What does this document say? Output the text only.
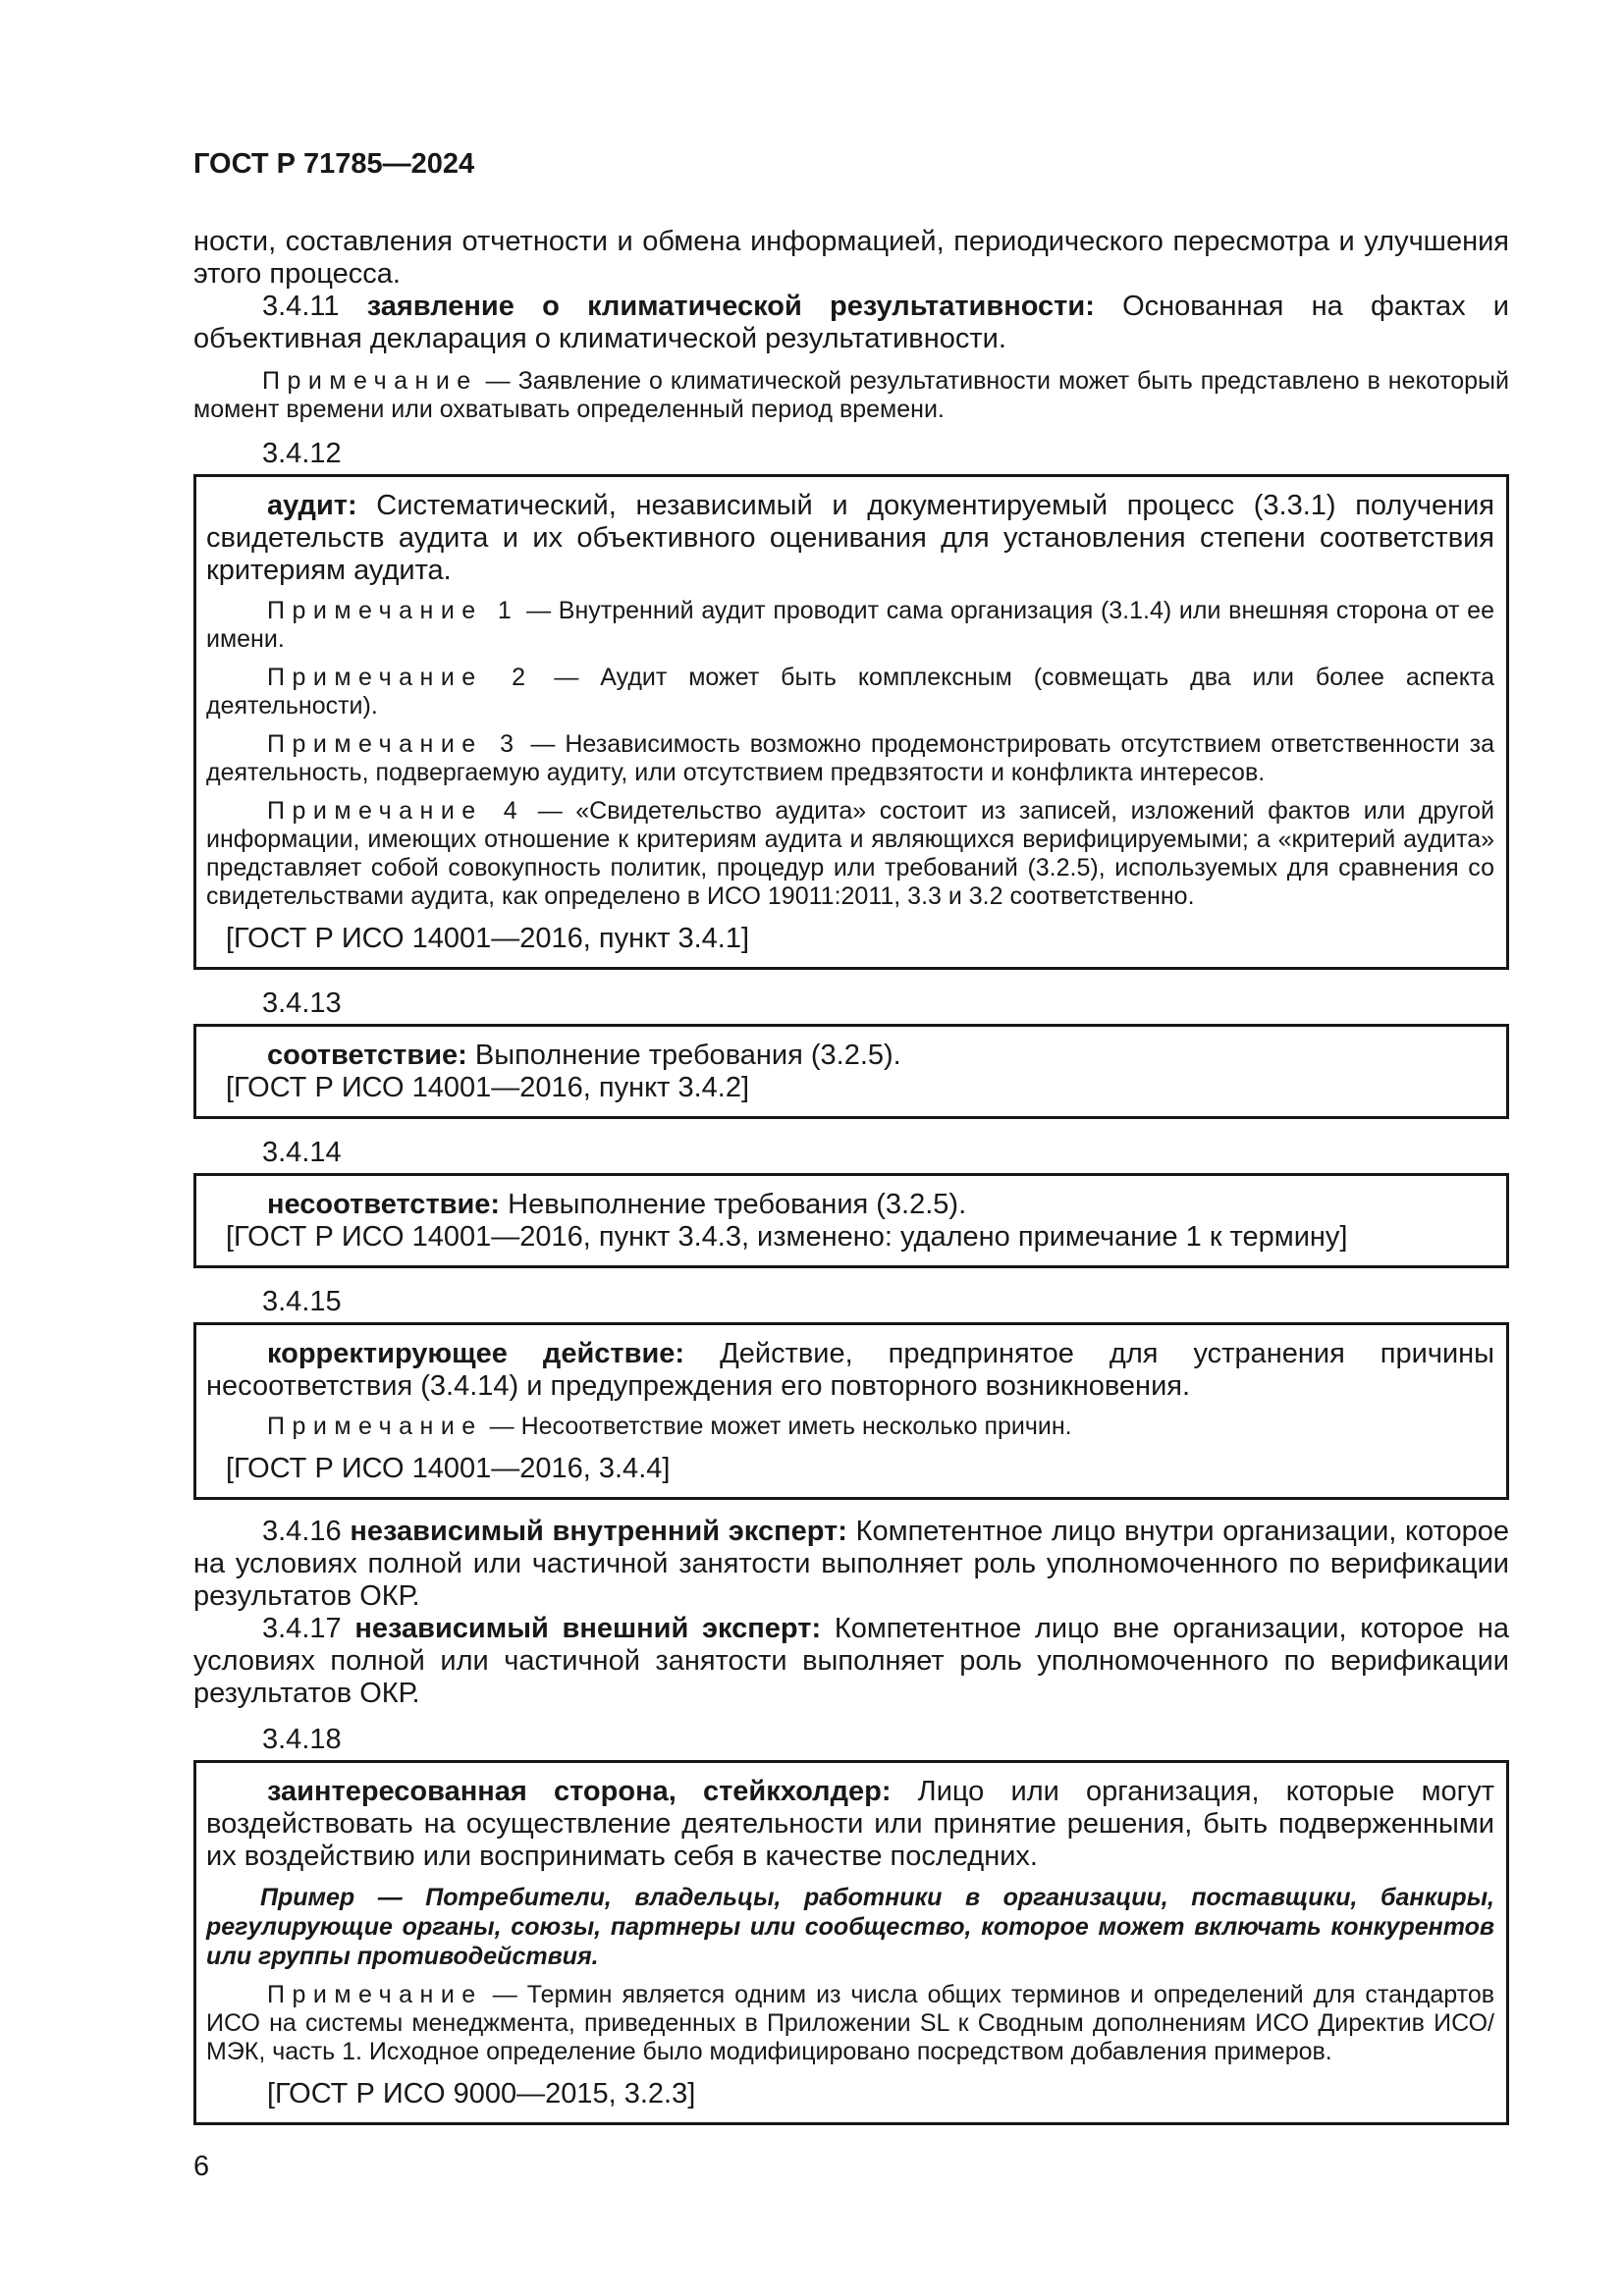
ГОСТ Р 71785—2024

ности, составления отчетности и обмена информацией, периодического пересмотра и улучшения этого процесса.

3.4.11 заявление о климатической результативности: Основанная на фактах и объективная декларация о климатической результативности.

Примечание — Заявление о климатической результативности может быть представлено в некоторый момент времени или охватывать определенный период времени.

3.4.12

аудит: Систематический, независимый и документируемый процесс (3.3.1) получения свидетельств аудита и их объективного оценивания для установления степени соответствия критериям аудита.

Примечание 1 — Внутренний аудит проводит сама организация (3.1.4) или внешняя сторона от ее имени.

Примечание 2 — Аудит может быть комплексным (совмещать два или более аспекта деятельности).

Примечание 3 — Независимость возможно продемонстрировать отсутствием ответственности за деятельность, подвергаемую аудиту, или отсутствием предвзятости и конфликта интересов.

Примечание 4 — «Свидетельство аудита» состоит из записей, изложений фактов или другой информации, имеющих отношение к критериям аудита и являющихся верифицируемыми; а «критерий аудита» представляет собой совокупность политик, процедур или требований (3.2.5), используемых для сравнения со свидетельствами аудита, как определено в ИСО 19011:2011, 3.3 и 3.2 соответственно.

[ГОСТ Р ИСО 14001—2016, пункт 3.4.1]

3.4.13

соответствие: Выполнение требования (3.2.5).

[ГОСТ Р ИСО 14001—2016, пункт 3.4.2]

3.4.14

несоответствие: Невыполнение требования (3.2.5).

[ГОСТ Р ИСО 14001—2016, пункт 3.4.3, изменено: удалено примечание 1 к термину]

3.4.15

корректирующее действие: Действие, предпринятое для устранения причины несоответствия (3.4.14) и предупреждения его повторного возникновения.

Примечание — Несоответствие может иметь несколько причин.

[ГОСТ Р ИСО 14001—2016, 3.4.4]

3.4.16 независимый внутренний эксперт: Компетентное лицо внутри организации, которое на условиях полной или частичной занятости выполняет роль уполномоченного по верификации результатов ОКР.

3.4.17 независимый внешний эксперт: Компетентное лицо вне организации, которое на условиях полной или частичной занятости выполняет роль уполномоченного по верификации результатов ОКР.

3.4.18

заинтересованная сторона, стейкхолдер: Лицо или организация, которые могут воздействовать на осуществление деятельности или принятие решения, быть подверженными их воздействию или воспринимать себя в качестве последних.

Пример — Потребители, владельцы, работники в организации, поставщики, банкиры, регулирующие органы, союзы, партнеры или сообщество, которое может включать конкурентов или группы противодействия.

Примечание — Термин является одним из числа общих терминов и определений для стандартов ИСО на системы менеджмента, приведенных в Приложении SL к Сводным дополнениям ИСО Директив ИСО/МЭК, часть 1. Исходное определение было модифицировано посредством добавления примеров.

[ГОСТ Р ИСО 9000—2015, 3.2.3]

6
